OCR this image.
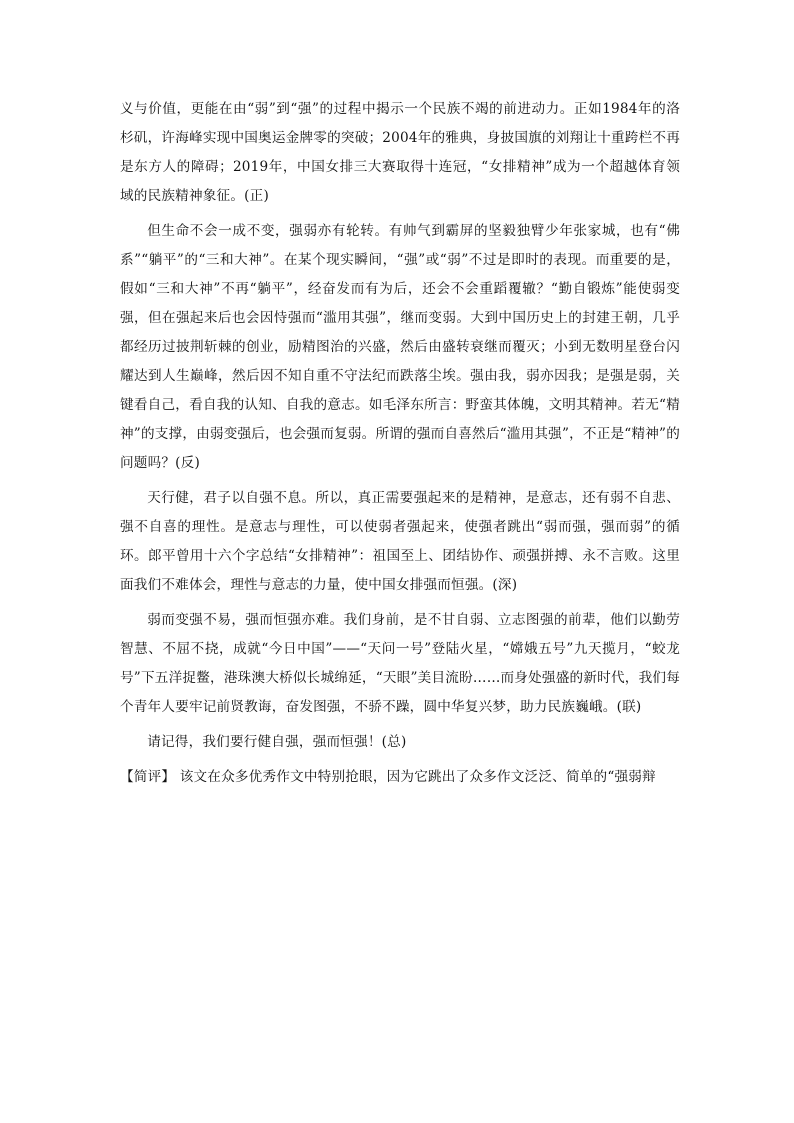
义与价值，更能在由“弱”到“强”的过程中揭示一个民族不竭的前进动力。正如1984年的洛杉矶，许海峰实现中国奥运金牌零的突破；2004年的雅典，身披国旗的刘翔让十重跨栏不再是东方人的障碍；2019年，中国女排三大赛取得十连冠，“女排精神”成为一个超越体育领域的民族精神象征。(正)

但生命不会一成不变，强弱亦有轮转。有帅气到霸屏的坚毅独臂少年张家城，也有“佛系”“躺平”的“三和大神”。在某个现实瞬间，“强”或“弱”不过是即时的表现。而重要的是，假如“三和大神”不再“躺平”，经奋发而有为后，还会不会重蹈覆辙？“勤自锻炼”能使弱变强，但在强起来后也会因恃强而“滥用其强”，继而变弱。大到中国历史上的封建王朝，几乎都经历过披荆斩棘的创业，励精图治的兴盛，然后由盛转衰继而覆灭；小到无数明星登台闪耀达到人生巅峰，然后因不知自重不守法纪而跌落尘埃。强由我，弱亦因我；是强是弱，关键看自己，看自我的认知、自我的意志。如毛泽东所言：野蛮其体魄，文明其精神。若无“精神”的支撑，由弱变强后，也会强而复弱。所谓的强而自喜然后“滥用其强”，不正是“精神”的问题吗？(反)

天行健，君子以自强不息。所以，真正需要强起来的是精神，是意志，还有弱不自悲、强不自喜的理性。是意志与理性，可以使弱者强起来，使强者跳出“弱而强，强而弱”的循环。郎平曾用十六个字总结“女排精神”：祖国至上、团结协作、顽强拼搏、永不言败。这里面我们不难体会，理性与意志的力量，使中国女排强而恒强。(深)

弱而变强不易，强而恒强亦难。我们身前，是不甘自弱、立志图强的前辈，他们以勤劳智慧、不屈不挠，成就“今日中国”——“天问一号”登陆火星，“嫦娥五号”九天揽月，“蛟龙号”下五洋捉鳖，港珠澳大桥似长城绵延，“天眼”美目流盼……而身处强盛的新时代，我们每个青年人要牢记前贤教诲，奋发图强，不骄不躁，圆中华复兴梦，助力民族巍峨。(联)

请记得，我们要行健自强，强而恒强！(总)

【简评】 该文在众多优秀作文中特别抢眼，因为它跳出了众多作文泛泛、简单的“强弱辩
